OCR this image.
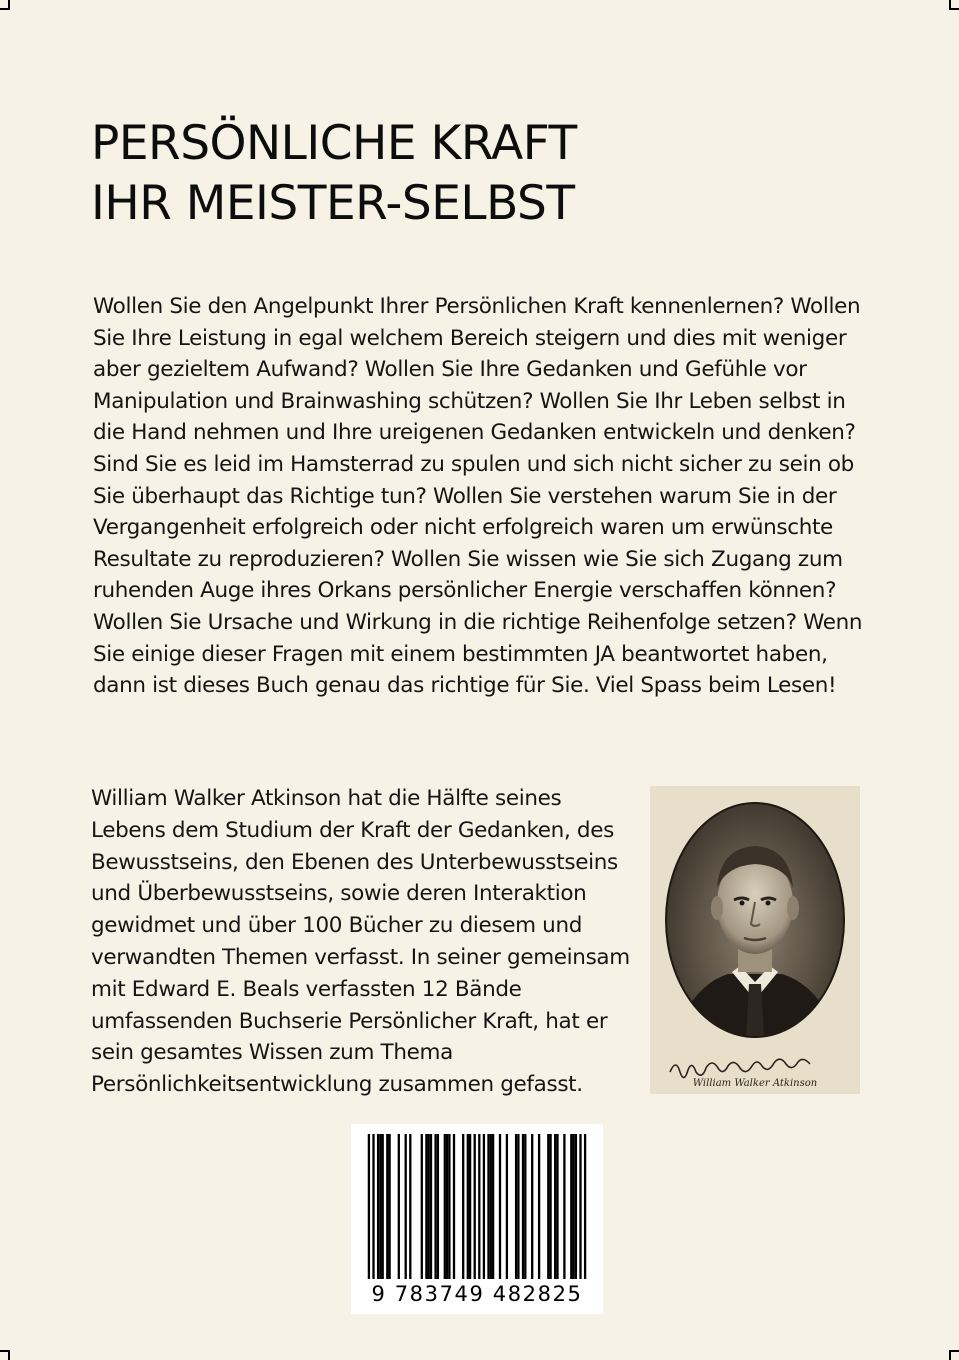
PERSÖNLICHE KRAFT
IHR MEISTER-SELBST

Wollen Sie den Angelpunkt Ihrer Persönlichen Kraft kennenlernen? Wollen Sie Ihre Leistung in egal welchem Bereich steigern und dies mit weniger aber gezieltem Aufwand? Wollen Sie Ihre Gedanken und Gefühle vor Manipulation und Brainwashing schützen? Wollen Sie Ihr Leben selbst in die Hand nehmen und Ihre ureigenen Gedanken entwickeln und denken? Sind Sie es leid im Hamsterrad zu spulen und sich nicht sicher zu sein ob Sie überhaupt das Richtige tun? Wollen Sie verstehen warum Sie in der Vergangenheit erfolgreich oder nicht erfolgreich waren um erwünschte Resultate zu reproduzieren? Wollen Sie wissen wie Sie sich Zugang zum ruhenden Auge ihres Orkans persönlicher Energie verschaffen können? Wollen Sie Ursache und Wirkung in die richtige Reihenfolge setzen? Wenn Sie einige dieser Fragen mit einem bestimmten JA beantwortet haben, dann ist dieses Buch genau das richtige für Sie. Viel Spass beim Lesen!

William Walker Atkinson hat die Hälfte seines Lebens dem Studium der Kraft der Gedanken, des Bewusstseins, den Ebenen des Unterbewusstseins und Überbewusstseins, sowie deren Interaktion gewidmet und über 100 Bücher zu diesem und verwandten Themen verfasst. In seiner gemeinsam mit Edward E. Beals verfassten 12 Bände umfassenden Buchserie Persönlicher Kraft, hat er sein gesamtes Wissen zum Thema Persönlichkeitsentwicklung zusammen gefasst.	William Walker Atkinson
9 783749 482825
